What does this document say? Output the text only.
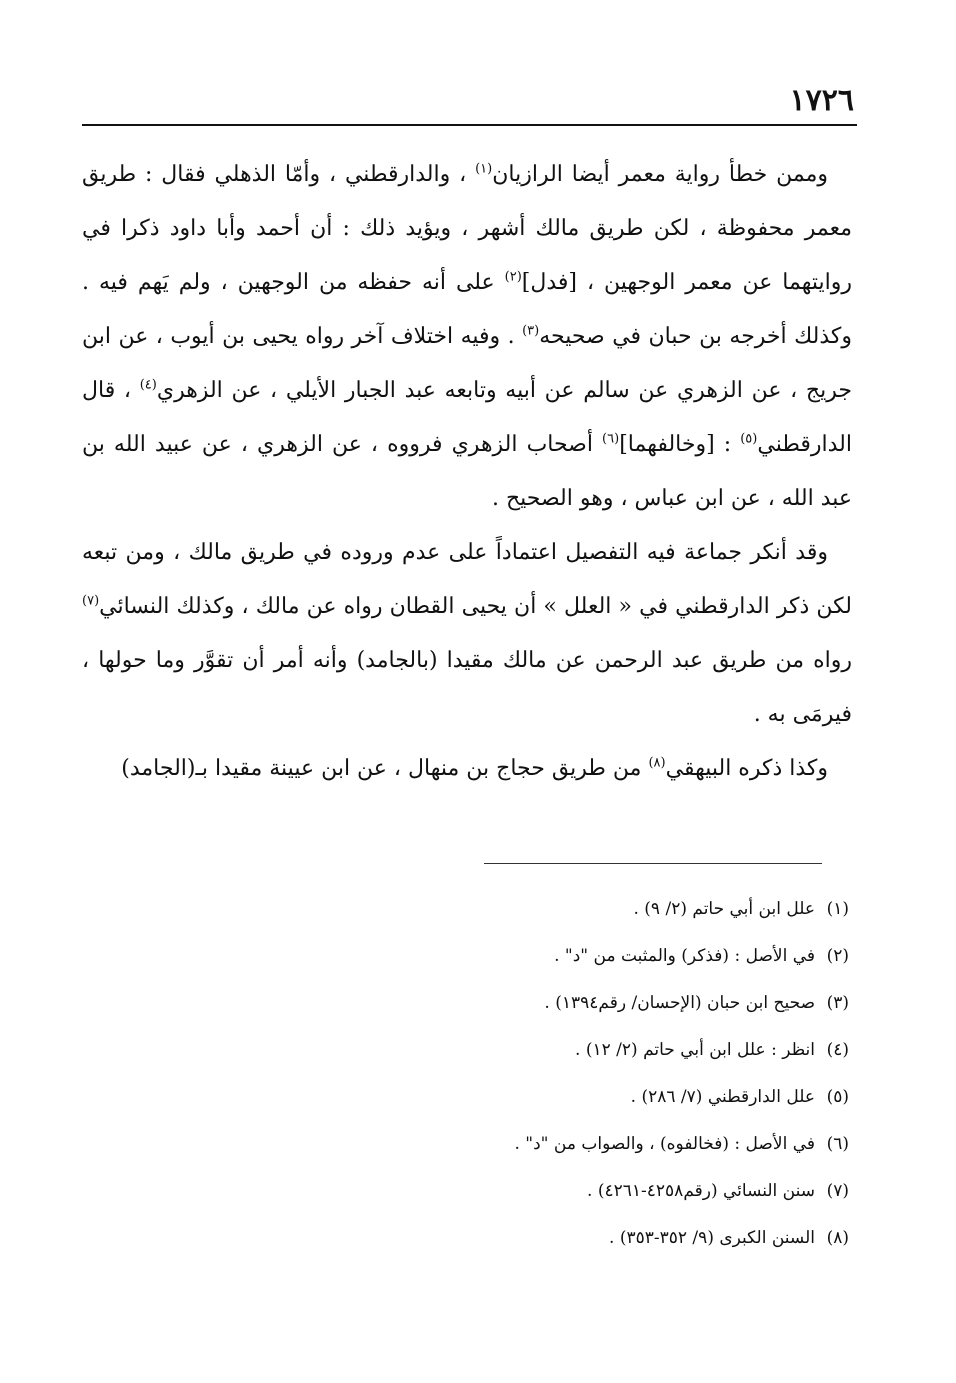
١٧٢٦

وممن خطأ رواية معمر أيضا الرازيان$^{(١)}$ ، والدارقطني ، وأمّا الذهلي فقال : طريق معمر محفوظة ، لكن طريق مالك أشهر ، ويؤيد ذلك : أن أحمد وأبا داود ذكرا في روايتهما عن معمر الوجهين ، [فدل]$^{(٢)}$ على أنه حفظه من الوجهين ، ولم يَهم فيه . وكذلك أخرجه بن حبان في صحيحه$^{(٣)}$ . وفيه اختلاف آخر رواه يحيى بن أيوب ، عن ابن جريج ، عن الزهري عن سالم عن أبيه وتابعه عبد الجبار الأيلي ، عن الزهري$^{(٤)}$ ، قال الدارقطني$^{(٥)}$ : [وخالفهما]$^{(٦)}$ أصحاب الزهري فرووه ، عن الزهري ، عن عبيد الله بن عبد الله ، عن ابن عباس ، وهو الصحيح .

وقد أنكر جماعة فيه التفصيل اعتماداً على عدم وروده في طريق مالك ، ومن تبعه لكن ذكر الدارقطني في « العلل » أن يحيى القطان رواه عن مالك ، وكذلك النسائي$^{(٧)}$ رواه من طريق عبد الرحمن عن مالك مقيدا (بالجامد) وأنه أمر أن تقوَّر وما حولها ، فيرمَى به .

وكذا ذكره البيهقي$^{(٨)}$ من طريق حجاج بن منهال ، عن ابن عيينة مقيدا بـ(الجامد)

(١)علل ابن أبي حاتم (٢/ ٩) .

(٢)في الأصل : (فذكر) والمثبت من "د" .

(٣)صحيح ابن حبان (الإحسان/ رقم١٣٩٤) .

(٤)انظر : علل ابن أبي حاتم (٢/ ١٢) .

(٥)علل الدارقطني (٧/ ٢٨٦) .

(٦)في الأصل : (فخالفوه) ، والصواب من "د" .

(٧)سنن النسائي (رقم٤٢٥٨-٤٢٦١) .

(٨)السنن الكبرى (٩/ ٣٥٢-٣٥٣) .
